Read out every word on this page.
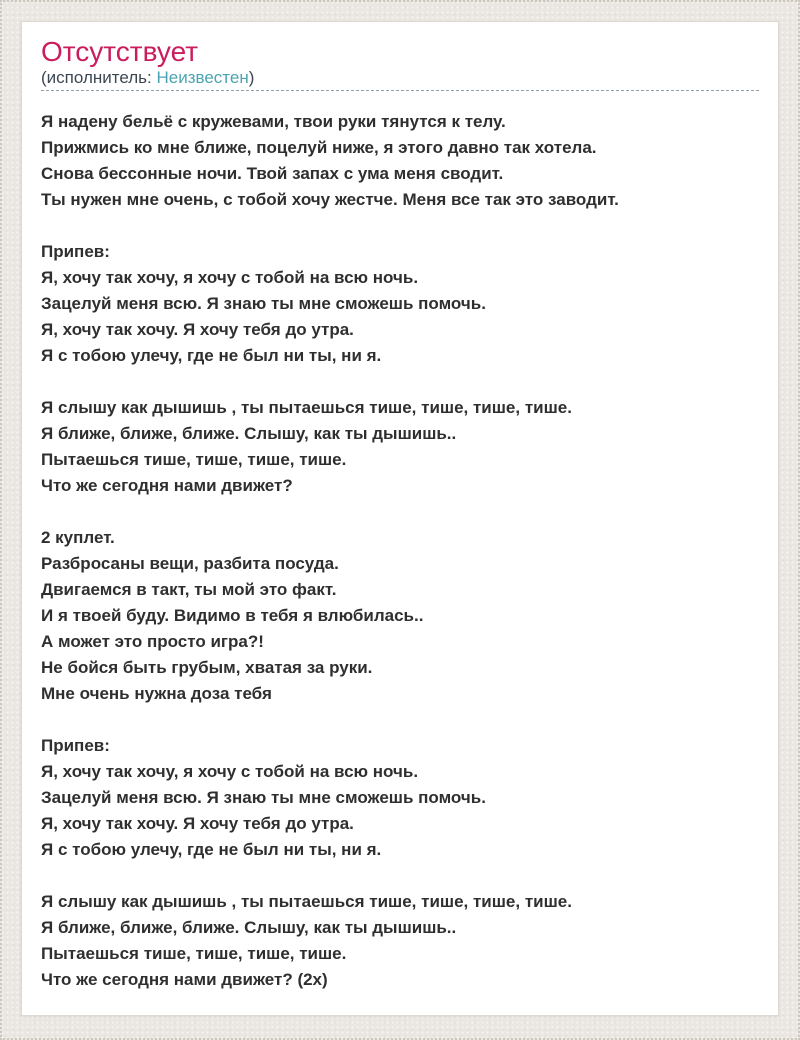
Отсутствует
(исполнитель: Неизвестен)
Я надену бельё с кружевами, твои руки тянутся к телу.
Прижмись ко мне ближе, поцелуй ниже, я этого давно так хотела.
Снова бессонные ночи. Твой запах с ума меня сводит.
Ты нужен мне очень, с тобой хочу жестче. Меня все так это заводит.
Припев:
Я, хочу так хочу, я хочу с тобой на всю ночь.
Зацелуй меня всю. Я знаю ты мне сможешь помочь.
Я, хочу так хочу. Я хочу тебя до утра.
Я с тобою улечу, где не был ни ты, ни я.
Я слышу как дышишь , ты пытаешься тише, тише, тише, тише.
Я ближе, ближе, ближе. Слышу, как ты дышишь..
Пытаешься тише, тише, тише, тише.
Что же сегодня нами движет?
2 куплет.
Разбросаны вещи, разбита посуда.
Двигаемся в такт, ты мой это факт.
И я твоей буду. Видимо в тебя я влюбилась..
А может это просто игра?!
Не бойся быть грубым, хватая за руки.
Мне очень нужна доза тебя
Припев:
Я, хочу так хочу, я хочу с тобой на всю ночь.
Зацелуй меня всю. Я знаю ты мне сможешь помочь.
Я, хочу так хочу. Я хочу тебя до утра.
Я с тобою улечу, где не был ни ты, ни я.
Я слышу как дышишь , ты пытаешься тише, тише, тише, тише.
Я ближе, ближе, ближе. Слышу, как ты дышишь..
Пытаешься тише, тише, тише, тише.
Что же сегодня нами движет? (2x)
